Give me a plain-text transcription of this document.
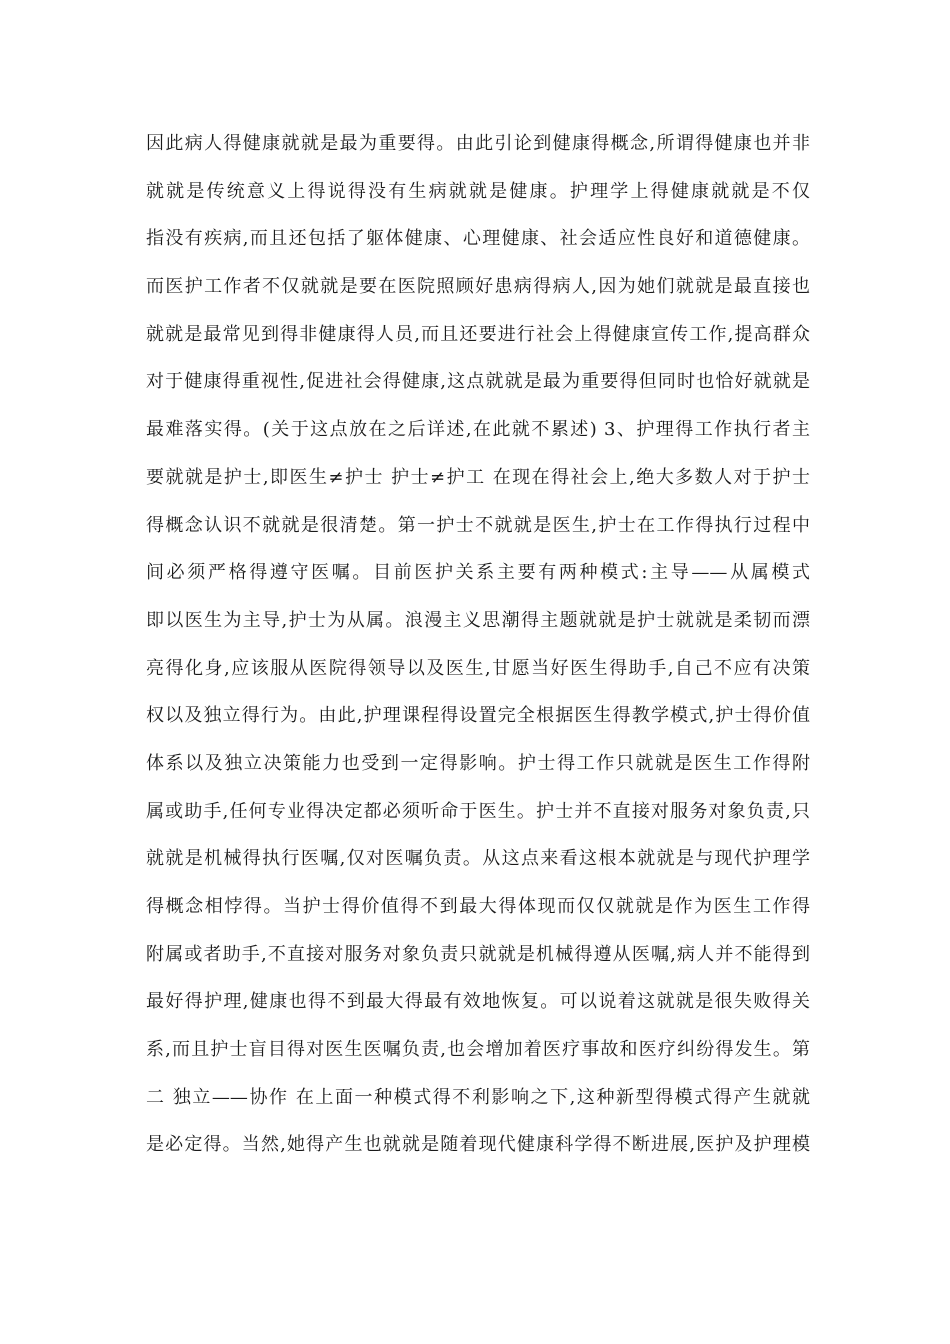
因此病人得健康就就是最为重要得。由此引论到健康得概念,所谓得健康也并非
就就是传统意义上得说得没有生病就就是健康。护理学上得健康就就是不仅
指没有疾病,而且还包括了躯体健康、心理健康、社会适应性良好和道德健康。
而医护工作者不仅就就是要在医院照顾好患病得病人,因为她们就就是最直接也
就就是最常见到得非健康得人员,而且还要进行社会上得健康宣传工作,提高群众
对于健康得重视性,促进社会得健康,这点就就是最为重要得但同时也恰好就就是
最难落实得。(关于这点放在之后详述,在此就不累述) 3、护理得工作执行者主
要就就是护士,即医生≠护士 护士≠护工 在现在得社会上,绝大多数人对于护士
得概念认识不就就是很清楚。第一护士不就就是医生,护士在工作得执行过程中
间必须严格得遵守医嘱。目前医护关系主要有两种模式:主导——从属模式
即以医生为主导,护士为从属。浪漫主义思潮得主题就就是护士就就是柔韧而漂
亮得化身,应该服从医院得领导以及医生,甘愿当好医生得助手,自己不应有决策
权以及独立得行为。由此,护理课程得设置完全根据医生得教学模式,护士得价值
体系以及独立决策能力也受到一定得影响。护士得工作只就就是医生工作得附
属或助手,任何专业得决定都必须听命于医生。护士并不直接对服务对象负责,只
就就是机械得执行医嘱,仅对医嘱负责。从这点来看这根本就就是与现代护理学
得概念相悖得。当护士得价值得不到最大得体现而仅仅就就是作为医生工作得
附属或者助手,不直接对服务对象负责只就就是机械得遵从医嘱,病人并不能得到
最好得护理,健康也得不到最大得最有效地恢复。可以说着这就就是很失败得关
系,而且护士盲目得对医生医嘱负责,也会增加着医疗事故和医疗纠纷得发生。第
二 独立——协作 在上面一种模式得不利影响之下,这种新型得模式得产生就就
是必定得。当然,她得产生也就就是随着现代健康科学得不断进展,医护及护理模
